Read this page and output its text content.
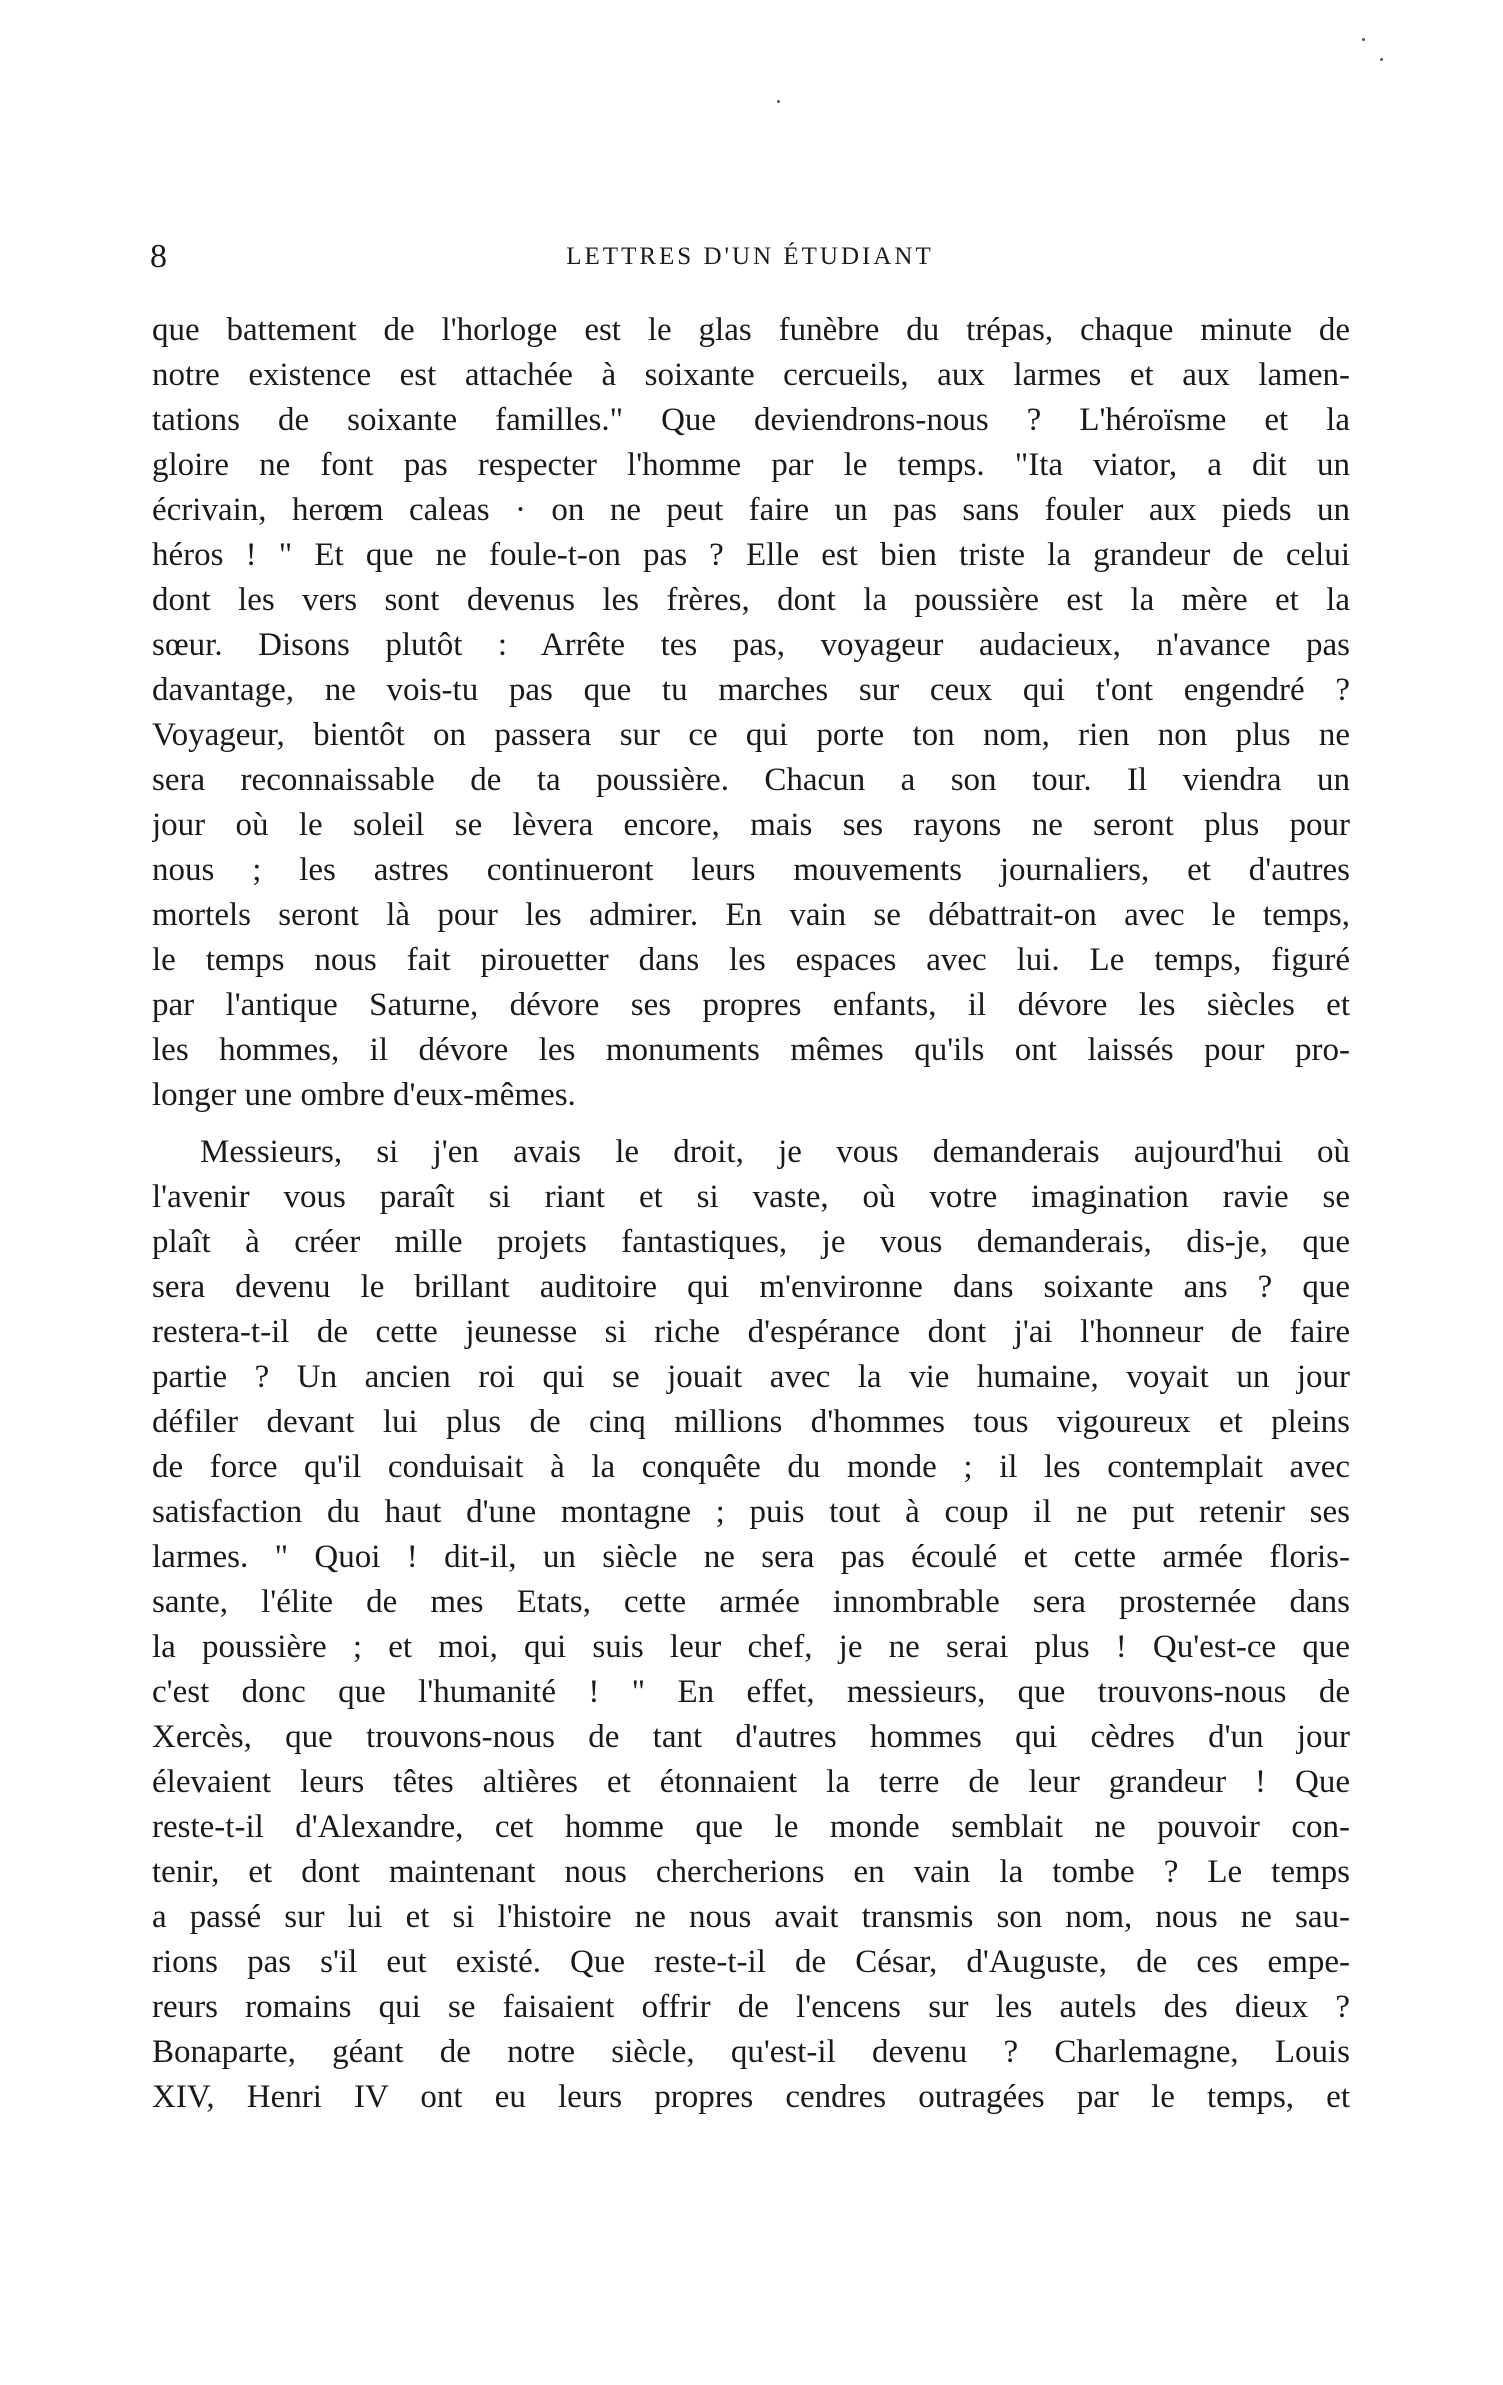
8	LETTRES D'UN ÉTUDIANT
que battement de l'horloge est le glas funèbre du trépas, chaque minute de
notre existence est attachée à soixante cercueils, aux larmes et aux lamen-
tations de soixante familles." Que deviendrons-nous ? L'héroïsme et la
gloire ne font pas respecter l'homme par le temps. "Ita viator, a dit un
écrivain, herœm caleas · on ne peut faire un pas sans fouler aux pieds un
héros ! " Et que ne foule-t-on pas ? Elle est bien triste la grandeur de celui
dont les vers sont devenus les frères, dont la poussière est la mère et la
sœur. Disons plutôt : Arrête tes pas, voyageur audacieux, n'avance pas
davantage, ne vois-tu pas que tu marches sur ceux qui t'ont engendré ?
Voyageur, bientôt on passera sur ce qui porte ton nom, rien non plus ne
sera reconnaissable de ta poussière. Chacun a son tour. Il viendra un
jour où le soleil se lèvera encore, mais ses rayons ne seront plus pour
nous ; les astres continueront leurs mouvements journaliers, et d'autres
mortels seront là pour les admirer. En vain se débattrait-on avec le temps,
le temps nous fait pirouetter dans les espaces avec lui. Le temps, figuré
par l'antique Saturne, dévore ses propres enfants, il dévore les siècles et
les hommes, il dévore les monuments mêmes qu'ils ont laissés pour pro-
longer une ombre d'eux-mêmes.
Messieurs, si j'en avais le droit, je vous demanderais aujourd'hui où
l'avenir vous paraît si riant et si vaste, où votre imagination ravie se
plaît à créer mille projets fantastiques, je vous demanderais, dis-je, que
sera devenu le brillant auditoire qui m'environne dans soixante ans ? que
restera-t-il de cette jeunesse si riche d'espérance dont j'ai l'honneur de faire
partie ? Un ancien roi qui se jouait avec la vie humaine, voyait un jour
défiler devant lui plus de cinq millions d'hommes tous vigoureux et pleins
de force qu'il conduisait à la conquête du monde ; il les contemplait avec
satisfaction du haut d'une montagne ; puis tout à coup il ne put retenir ses
larmes. " Quoi ! dit-il, un siècle ne sera pas écoulé et cette armée floris-
sante, l'élite de mes Etats, cette armée innombrable sera prosternée dans
la poussière ; et moi, qui suis leur chef, je ne serai plus ! Qu'est-ce que
c'est donc que l'humanité ! " En effet, messieurs, que trouvons-nous de
Xercès, que trouvons-nous de tant d'autres hommes qui cèdres d'un jour
élevaient leurs têtes altières et étonnaient la terre de leur grandeur ! Que
reste-t-il d'Alexandre, cet homme que le monde semblait ne pouvoir con-
tenir, et dont maintenant nous chercherions en vain la tombe ? Le temps
a passé sur lui et si l'histoire ne nous avait transmis son nom, nous ne sau-
rions pas s'il eut existé. Que reste-t-il de César, d'Auguste, de ces empe-
reurs romains qui se faisaient offrir de l'encens sur les autels des dieux ?
Bonaparte, géant de notre siècle, qu'est-il devenu ? Charlemagne, Louis
XIV, Henri IV ont eu leurs propres cendres outragées par le temps, et
